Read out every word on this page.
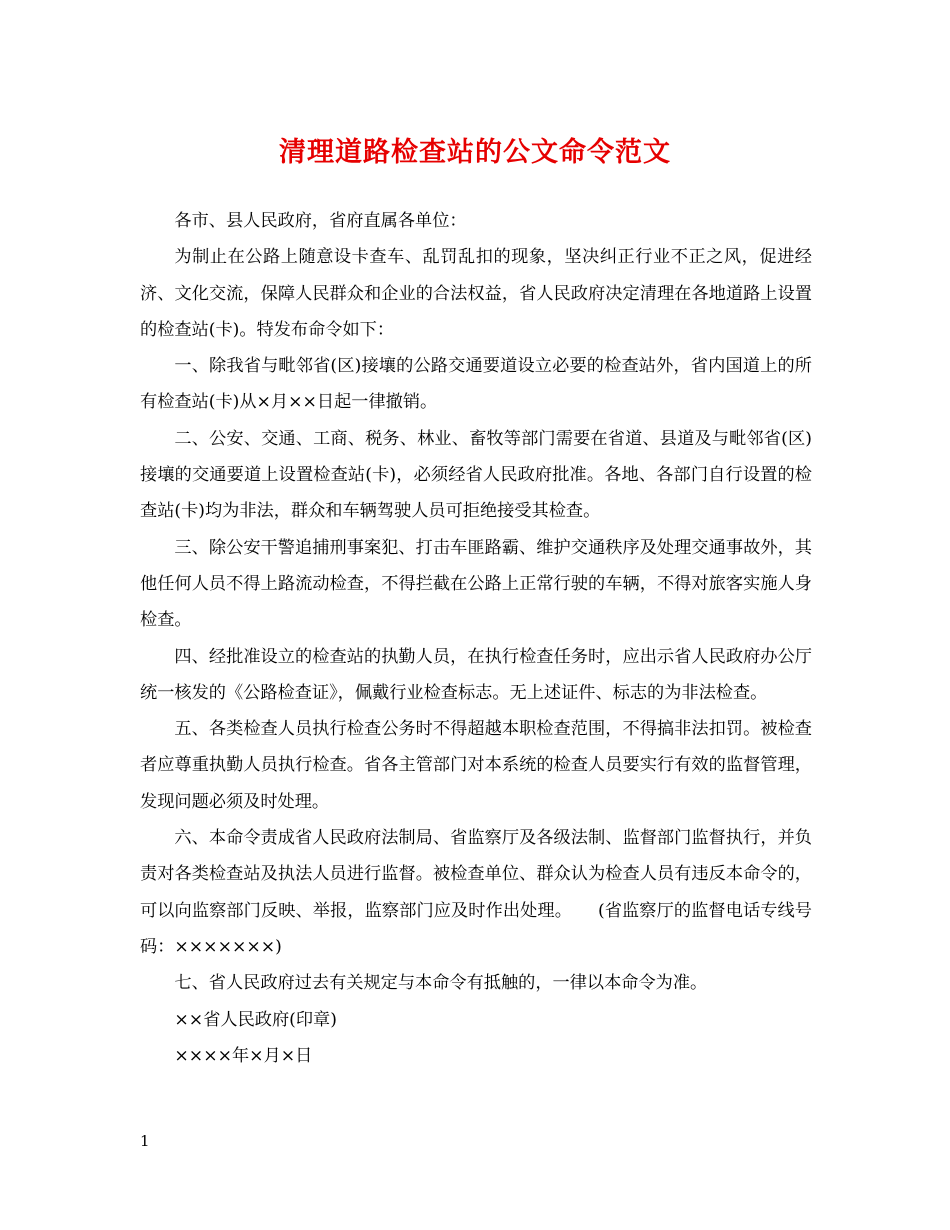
清理道路检查站的公文命令范文

各市、县人民政府，省府直属各单位：

为制止在公路上随意设卡查车、乱罚乱扣的现象，坚决纠正行业不正之风，促进经济、文化交流，保障人民群众和企业的合法权益，省人民政府决定清理在各地道路上设置的检查站(卡)。特发布命令如下：

一、除我省与毗邻省(区)接壤的公路交通要道设立必要的检查站外，省内国道上的所有检查站(卡)从×月××日起一律撤销。

二、公安、交通、工商、税务、林业、畜牧等部门需要在省道、县道及与毗邻省(区)接壤的交通要道上设置检查站(卡)，必须经省人民政府批准。各地、各部门自行设置的检查站(卡)均为非法，群众和车辆驾驶人员可拒绝接受其检查。

三、除公安干警追捕刑事案犯、打击车匪路霸、维护交通秩序及处理交通事故外，其他任何人员不得上路流动检查，不得拦截在公路上正常行驶的车辆，不得对旅客实施人身检查。

四、经批准设立的检查站的执勤人员，在执行检查任务时，应出示省人民政府办公厅统一核发的《公路检查证》，佩戴行业检查标志。无上述证件、标志的为非法检查。

五、各类检查人员执行检查公务时不得超越本职检查范围，不得搞非法扣罚。被检查者应尊重执勤人员执行检查。省各主管部门对本系统的检查人员要实行有效的监督管理，发现问题必须及时处理。

六、本命令责成省人民政府法制局、省监察厅及各级法制、监督部门监督执行，并负责对各类检查站及执法人员进行监督。被检查单位、群众认为检查人员有违反本命令的，可以向监察部门反映、举报，监察部门应及时作出处理。　　(省监察厅的监督电话专线号码：×××××××)

七、省人民政府过去有关规定与本命令有抵触的，一律以本命令为准。

××省人民政府(印章)

××××年×月×日

1
